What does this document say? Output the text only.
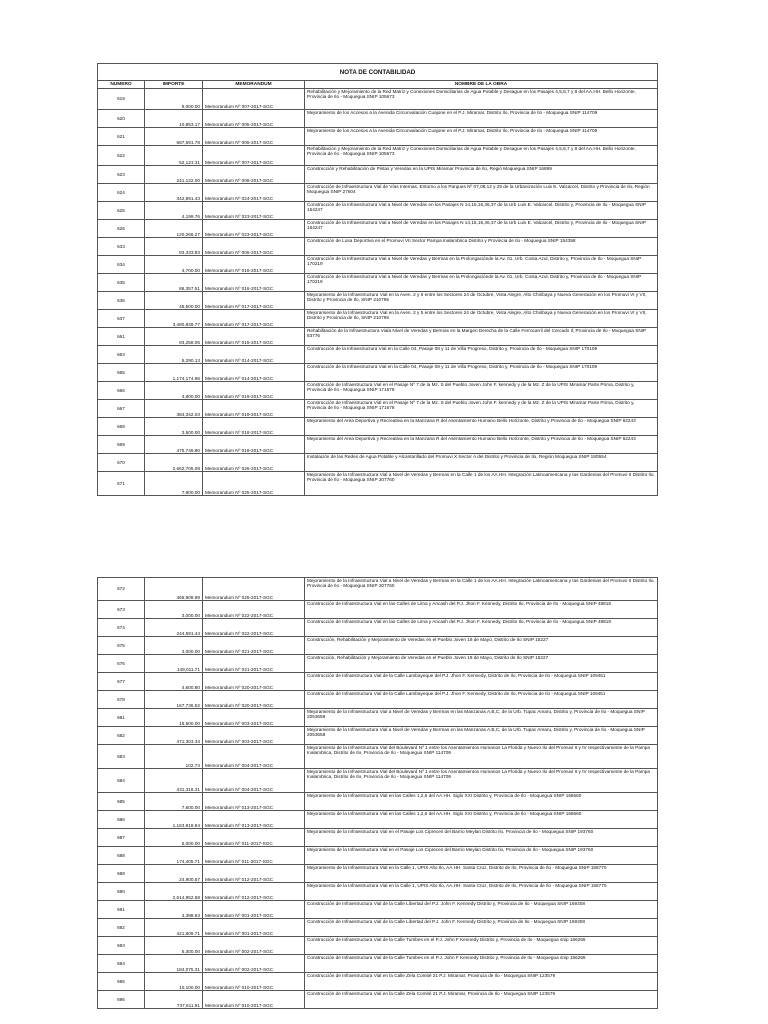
NOTA DE CONTABILIDAD			
NUMERO	IMPORTE	MEMORANDUM	NOMBRE DE LA OBRA
619	9,000.00	Memorandum Nº 007-2017-SGC	Rehabilitación y Mejoramiento de la Red Matriz y Conexiones Domiciliarias de Agua Potable y Desague en los Pasajes 4,5,6,7 y 8 del AA.HH. Bello Horizonte, Provincia de Ilo - Moquegua SNIP 105673
620	10,853.17	Memorandum Nº 005-2017-SGC	Mejoramiento de los Accesos a la Avenida Circunvalación Cuajone en el P.J. Miramar, Distrito Ilo, Provincia de Ilo - Moquegua SNIP 114709
621	687,591.78	Memorandum Nº 005-2017-SGC	Mejoramiento de los Accesos a la Avenida Circunvalación Cuajone en el P.J. Miramar, Distrito Ilo, Provincia de Ilo - Moquegua SNIP 114709
622	52,123.31	Memorandum Nº 007-2017-SGC	Rehabilitación y Mejoramiento de la Red Matriz y Conexiones Domiciliarias de Agua Potable y Desague en los Pasajes 4,5,6,7 y 8 del AA.HH. Bello Horizonte, Provincia de Ilo - Moquegua SNIP 105673
623	241,122.00	Memorandum Nº 008-2017-SGC	Construcción y Rehabilitación de Pistas y Veredas en la UPIS Miramar Provincia de Ilo, Regió Moquegua SNIP 16899
624	342,891.43	Memorandum Nº 024-2017-SGC	Construcción de Infraestructura Vial de Vías Internas, Entorno a los Parques Nº 07,08,12 y 25 de la Urbanización Luis E. Valcarcel, Distrito y Provincia de Ilo, Región Moquegua SNIP 27604
625	4,199.76	Memorandum Nº 023-2017-SGC	Construcción de la Infraestructura Vial a Nivel de Veredas en los Pasajes N 14,15,16,36,37 de la Urb Luis E. Valcarcel, Distrito y, Provincia de Ilo - Moquegua SNIP 164247
626	120,266.27	Memorandum Nº 023-2017-SGC	Construcción de la Infraestructura Vial a Nivel de Veredas en los Pasajes N 14,15,16,36,37 de la Urb Luis E. Valcarcel, Distrito y, Provincia de Ilo - Moquegua SNIP 164247
633	93,333.83	Memorandum Nº 006-2017-SGC	Construcción de Losa Deportiva en el Promuvi VII Sector Pampa Inalambrica Distrito y Provincia de Ilo - Moquegua SNIP 154358
634	4,700.00	Memorandum Nº 016-2017-SGC	Construcción de la Infraestructura Vial a Nivel de Veredas y Bermas en la Prolongaciónde la Av. 01, Urb. Costa Azul, Distrito y, Provincia de Ilo - Moquegua SNIP 170219
635	86,357.51	Memorandum Nº 016-2017-SGC	Construcción de la Infraestructura Vial a Nivel de Veredas y Bermas en la Prolongaciónde la Av. 01, Urb. Costa Azul, Distrito y, Provincia de Ilo - Moquegua SNIP 170219
636	45,500.00	Memorandum Nº 017-2017-SGC	Mejoramiento de la Infraestructura Vial en la Aven. 2 y 5 entre los Sectores 24 de Octubre, Vista Alegre, Alto Chiribaya y Nueva Generación en los Promuvi VI y VII, Distrito y Provincia de Ilo, SNIP 210795
637	3,480,849.77	Memorandum Nº 017-2017-SGC	Mejoramiento de la Infraestructura Vial en la Aven. 2 y 5 entre los Sectores 24 de Octubre, Vista Alegre, Alto Chiribaya y Nueva Generación en los Promuvi VI y VII, Distrito y Provincia de Ilo, SNIP 210795
661	93,258.06	Memorandum Nº 015-2017-SGC	Rehabilitación de la Infraestructura Viala Nivel de Veredas y Bermas en la Margen Derecha de la Calle Ferrocarril del Cercado Il, Provincia de Ilo - Moquegua SNIP 83776
663	5,290.13	Memorandum Nº 014-2017-SGC	Construcción de la Infraestructura Vial en la Calle 04, Pasaje 08 y 11 de Villa Progreso, Distrito y, Provincia de Ilo - Moquegua SNIP 170109
665	1,174,174.96	Memorandum Nº 014-2017-SGC	Construcción de la Infraestructura Vial en la Calle 04, Pasaje 08 y 11 de Villa Progreso, Distrito y, Provincia de Ilo - Moquegua SNIP 170109
666	4,800.00	Memorandum Nº 019-2017-SGC	Construcción de Infraestructura Vial en el Pasaje Nº 7 de la Mz. S del Pueblo Joven John F. kennedy y de la Mz. Z de la UPIS Miramar Parte Prima, Distrito y, Provincia de Ilo - Moquegua SNIP 171678
667	384,342.03	Memorandum Nº 019-2017-SGC	Construcción de Infraestructura Vial en el Pasaje Nº 7 de la Mz. S del Pueblo Joven John F. kennedy y de la Mz. Z de la UPIS Miramar Parte Prima, Distrito y, Provincia de Ilo - Moquegua SNIP 171678
668	3,500.00	Memorandum Nº 018-2017-SGC	Mejoramiento del Area Deportiva y Recreativa en la Manzana R del Asentamiento Humano Bello Horizonte, Distrito y Provincia de Ilo - Moquegua SNIP 62243
669	475,746.80	Memorandum Nº 018-2017-SGC	Mejoramiento del Area Deportiva y Recreativa en la Manzana R del Asentamiento Humano Bello Horizonte, Distrito y Provincia de Ilo - Moquegua SNIP 62243
670	2,662,705.09	Memorandum Nº 026-2017-SGC	Instalación de las Redes de Agua Potable y Alcantarillado del Promuvi X Sector A del Distrito y Provincia de Ilo, Región Moquegua SNIP 180554
671	7,900.00	Memorandum Nº 025-2017-SGC	Mejoramiento de la Infraestructura Vial a Nivel de Veredas y Bermas en la Calle 1 de los AA.HH. Integración Latinoamericana y las Gardenias del Promuvi II Distrito Ilo, Provincia de Ilo - Moquegua SNIP 207760
672	465,908.99	Memorandum Nº 025-2017-SGC	Mejoramiento de la Infraestructura Vial a Nivel de Veredas y Bermas en la Calle 1 de los AA.HH. Integración Latinoamericana y las Gardenias del Promuvi II Distrito Ilo, Provincia de Ilo - Moquegua SNIP 207760
673	3,000.00	Memorandum Nº 022-2017-SGC	Construcción de Infraestructura Vial en las Calles de Lima y Ancash del P.J. Jhon F. Kennedy, Distrito Ilo, Provincia de Ilo - Moquegua SNIP 48818
674	244,591.44	Memorandum Nº 022-2017-SGC	Construcción de Infraestructura Vial en las Calles de Lima y Ancash del P.J. Jhon F. Kennedy, Distrito Ilo, Provincia de Ilo - Moquegua SNIP 48818
675	3,000.00	Memorandum Nº 021-2017-SGC	Construcción, Rehabilitación y Mejoramiento de Veredas en el Pueblo Joven 18 de Mayo, Distrito de Ilo SNIP 15227
676	149,011.71	Memorandum Nº 021-2017-SGC	Construcción, Rehabilitación y Mejoramiento de Veredas en el Pueblo Joven 18 de Mayo, Distrito de Ilo SNIP 15227
677	4,600.80	Memorandum Nº 020-2017-SGC	Construcción de Infraestructura Vial de la Calle Lambayeque del P.J. Jhon F. Kennedy, Distrito de Ilo, Provincia de Ilo - Moquegua SNIP 109451
678	167,736.52	Memorandum Nº 020-2017-SGC	Construcción de Infraestructura Vial de la Calle Lambayeque del P.J. Jhon F. Kennedy, Distrito de Ilo, Provincia de Ilo - Moquegua SNIP 109451
681	16,500.00	Memorandum Nº 003-2017-SGC	Mejoramiento de la Infraestructura Vial a Nivel de Veredas y Bermas en las Manzanas A,B,C, de la Urb. Tupac Amaru, Distrito y, Provincia de Ilo - Moquegua SNIP 2053658
682	471,303.34	Memorandum Nº 003-2017-SGC	Mejoramiento de la Infraestructura Vial a Nivel de Veredas y Bermas en las Manzanas A,B,C, de la Urb. Tupac Amaru, Distrito y, Provincia de Ilo - Moquegua SNIP 2053658
683	102.73	Memorandum Nº 004-2017-SGC	Mejoramiento de la Infraestructura Vial del Boulevard Nº 1 entre los Asentamientos Humanos La Florida y Nuevo Ilo del Promuvi II y IV respectivamente de la Pampa Inalambrica, Distrito de Ilo, Provincia de Ilo - Moquegua SNIP 114709
684	431,318.31	Memorandum Nº 004-2017-SGC	Mejoramiento de la Infraestructura Vial del Boulevard Nº 1 entre los Asentamientos Humanos La Florida y Nuevo Ilo del Promuvi II y IV respectivamente de la Pampa Inalambrica, Distrito de Ilo, Provincia de Ilo - Moquegua SNIP 114709
685	7,600.00	Memorandum Nº 013-2017-SGC	Mejoramiento de la Infraestructura Vial en las Calles 1,2,6 del AA.HH. Siglo XXI Distrito y, Provincia de Ilo - Moquegua SNIP 168660
686	1,163,918.94	Memorandum Nº 013-2017-SGC	Mejoramiento de la Infraestructura Vial en las Calles 1,2,6 del AA.HH. Siglo XXI Distrito y, Provincia de Ilo - Moquegua SNIP 168660
687	5,000.00	Memorandum Nº 011-2017-SGC	Mejoramiento de la Infraestructura Vial en el Pasaje Los Cipreces del Barrio Meylan Distrito Ilo, Provincia de Ilo - Moquegua SNIP 193760
688	174,405.71	Memorandum Nº 011-2017-SGC	Mejoramiento de la Infraestructura Vial en el Pasaje Los Cipreces del Barrio Meylan Distrito Ilo, Provincia de Ilo - Moquegua SNIP 193760
689	24,900.57	Memorandum Nº 012-2017-SGC	Mejoramiento de la Infraestructura Vial en la Calle 1, UPIS Alto Ilo, AA.HH. Santa Cruz, Distrito de Ilo, Provincia de Ilo - Moquegua SNIP 158770
690	2,614,952.58	Memorandum Nº 012-2017-SGC	Mejoramiento de la Infraestructura Vial en la Calle 1, UPIS Alto Ilo, AA.HH. Santa Cruz, Distrito de Ilo, Provincia de Ilo - Moquegua SNIP 158770
691	4,388.63	Memorandum Nº 001-2017-SGC	Construcción de Infraestructura Vial de la Calle Libertad del P.J. John F. Kennedy Distrito y, Provincia de Ilo - Moquegua SNIP 169308
692	421,809.71	Memorandum Nº 001-2017-SGC	Construcción de Infraestructura Vial de la Calle Libertad del P.J. John F. Kennedy Distrito y, Provincia de Ilo - Moquegua SNIP 169308
693	5,300.00	Memorandum Nº 002-2017-SGC	Construcción de Infraestructura Vial de la Calle Tumbes en el P.J. John F Kennedy Distrito y, Provincia de Ilo - Moquegua snip 166266
694	184,075.31	Memorandum Nº 002-2017-SGC	Construcción de Infraestructura Vial de la Calle Tumbes en el P.J. John F Kennedy Distrito y, Provincia de Ilo - Moquegua snip 166266
695	10,100.00	Memorandum Nº 010-2017-SGC	Construcción de Infraestructura Vial en la Calle Zela Comité 21 P.J. Miramar, Provincia de Ilo - Moquegua SNIP 123579
696	737,611.91	Memorandum Nº 010-2017-SGC	Construcción de Infraestructura Vial en la Calle Zela Comité 21 P.J. Miramar, Provincia de Ilo - Moquegua SNIP 123579
